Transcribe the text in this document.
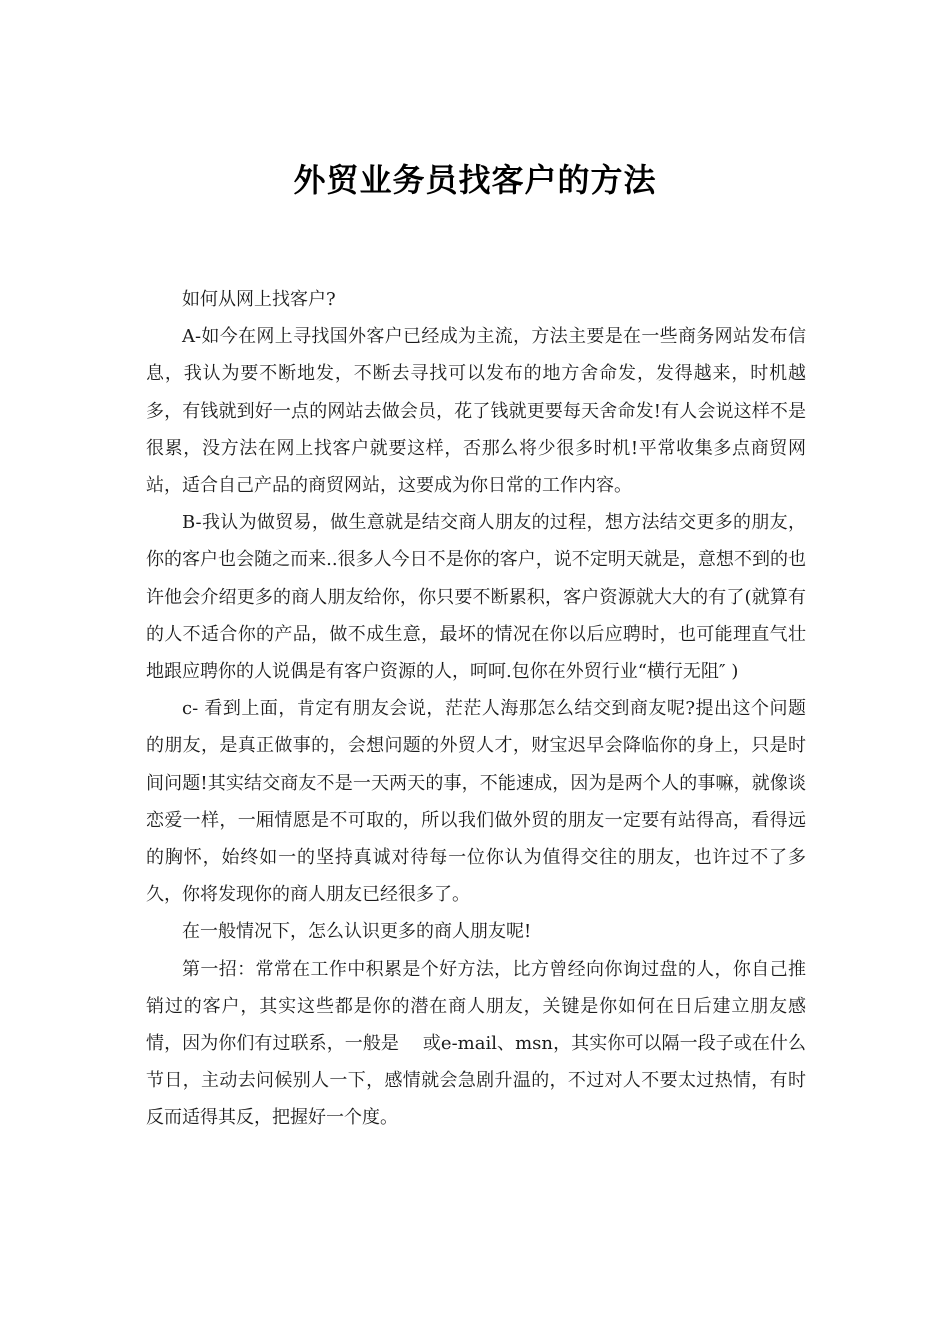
外贸业务员找客户的方法

如何从网上找客户?

A-如今在网上寻找国外客户已经成为主流，方法主要是在一些商务网站发布信息，我认为要不断地发，不断去寻找可以发布的地方舍命发，发得越来，时机越多，有钱就到好一点的网站去做会员，花了钱就更要每天舍命发!有人会说这样不是很累，没方法在网上找客户就要这样，否那么将少很多时机!平常收集多点商贸网站，适合自己产品的商贸网站，这要成为你日常的工作内容。

B-我认为做贸易，做生意就是结交商人朋友的过程，想方法结交更多的朋友，你的客户也会随之而来..很多人今日不是你的客户，说不定明天就是，意想不到的也许他会介绍更多的商人朋友给你，你只要不断累积，客户资源就大大的有了(就算有的人不适合你的产品，做不成生意，最坏的情况在你以后应聘时，也可能理直气壮地跟应聘你的人说偶是有客户资源的人，呵呵.包你在外贸行业“横行无阻″ )

c- 看到上面，肯定有朋友会说，茫茫人海那怎么结交到商友呢?提出这个问题的朋友，是真正做事的，会想问题的外贸人才，财宝迟早会降临你的身上，只是时间问题!其实结交商友不是一天两天的事，不能速成，因为是两个人的事嘛，就像谈恋爱一样，一厢情愿是不可取的，所以我们做外贸的朋友一定要有站得高，看得远的胸怀，始终如一的坚持真诚对待每一位你认为值得交往的朋友，也许过不了多久，你将发现你的商人朋友已经很多了。

在一般情况下，怎么认识更多的商人朋友呢!

第一招：常常在工作中积累是个好方法，比方曾经向你询过盘的人，你自己推销过的客户，其实这些都是你的潜在商人朋友，关键是你如何在日后建立朋友感情，因为你们有过联系，一般是　 或e-mail、msn，其实你可以隔一段子或在什么节日，主动去问候别人一下，感情就会急剧升温的，不过对人不要太过热情，有时反而适得其反，把握好一个度。
